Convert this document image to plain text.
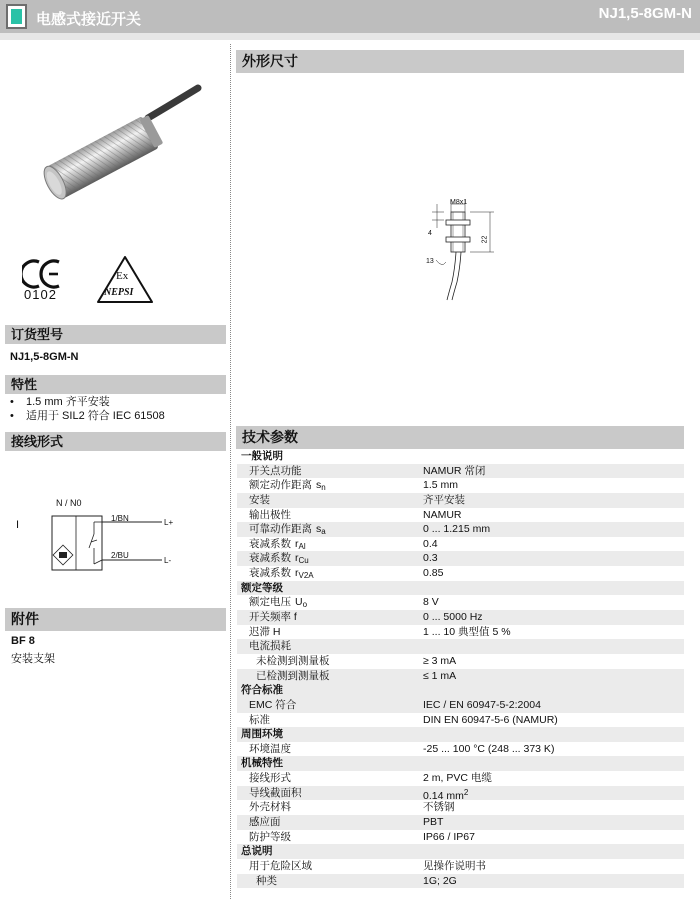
电感式接近开关	NJ1,5-8GM-N
0102
Ex
NEPSI
订货型号
NJ1,5-8GM-N
特性
• 1.5 mm 齐平安装
• 适用于 SIL2 符合 IEC 61508
接线形式
N / N0
I
1/BN
2/BU
L+
L-
附件
BF 8
安装支架
外形尺寸
M8x1
4
22
13
技术参数
一般说明
开关点功能	NAMUR 常闭
额定动作距离 $s_n$	1.5 mm
安装	齐平安装
输出极性	NAMUR
可靠动作距离 $s_a$	0 ... 1.215 mm
衰减系数 $r_{Al}$	0.4
衰减系数 $r_{Cu}$	0.3
衰减系数 $r_{V2A}$	0.85
额定等级
额定电压 $U_o$	8 V
开关频率 f	0 ... 5000 Hz
迟滞 H	1 ... 10 典型值 5 %
电流损耗
未检测到测量板	≥ 3 mA
已检测到测量板	≤ 1 mA
符合标准
EMC 符合	IEC / EN 60947-5-2:2004
标准	DIN EN 60947-5-6 (NAMUR)
周围环境
环境温度	-25 ... 100 °C (248 ... 373 K)
机械特性
接线形式	2 m, PVC 电缆
导线截面积	0.14 $mm^2$
外壳材料	不锈钢
感应面	PBT
防护等级	IP66 / IP67
总说明
用于危险区域	见操作说明书
种类	1G; 2G
